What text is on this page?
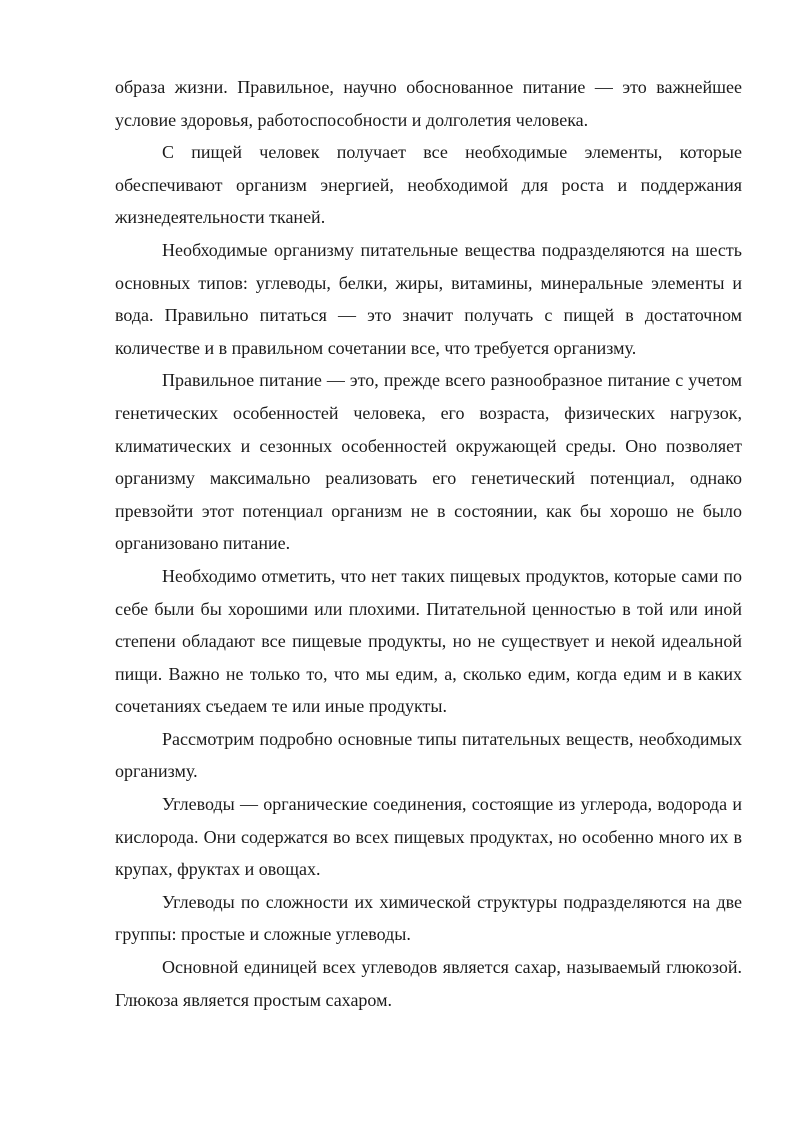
образа жизни. Правильное, научно обоснованное питание — это важнейшее условие здоровья, работоспособности и долголетия человека.

С пищей человек получает все необходимые элементы, которые обеспечивают организм энергией, необходимой для роста и поддержания жизнедеятельности тканей.

Необходимые организму питательные вещества подразделяются на шесть основных типов: углеводы, белки, жиры, витамины, минеральные элементы и вода. Правильно питаться — это значит получать с пищей в достаточном количестве и в правильном сочетании все, что требуется организму.

Правильное питание — это, прежде всего разнообразное питание с учетом генетических особенностей человека, его возраста, физических нагрузок, климатических и сезонных особенностей окружающей среды. Оно позволяет организму максимально реализовать его генетический потенциал, однако превзойти этот потенциал организм не в состоянии, как бы хорошо не было организовано питание.

Необходимо отметить, что нет таких пищевых продуктов, которые сами по себе были бы хорошими или плохими. Питательной ценностью в той или иной степени обладают все пищевые продукты, но не существует и некой идеальной пищи. Важно не только то, что мы едим, а, сколько едим, когда едим и в каких сочетаниях съедаем те или иные продукты.

Рассмотрим подробно основные типы питательных веществ, необходимых организму.

Углеводы — органические соединения, состоящие из углерода, водорода и кислорода. Они содержатся во всех пищевых продуктах, но особенно много их в крупах, фруктах и овощах.

Углеводы по сложности их химической структуры подразделяются на две группы: простые и сложные углеводы.

Основной единицей всех углеводов является сахар, называемый глюкозой. Глюкоза является простым сахаром.
